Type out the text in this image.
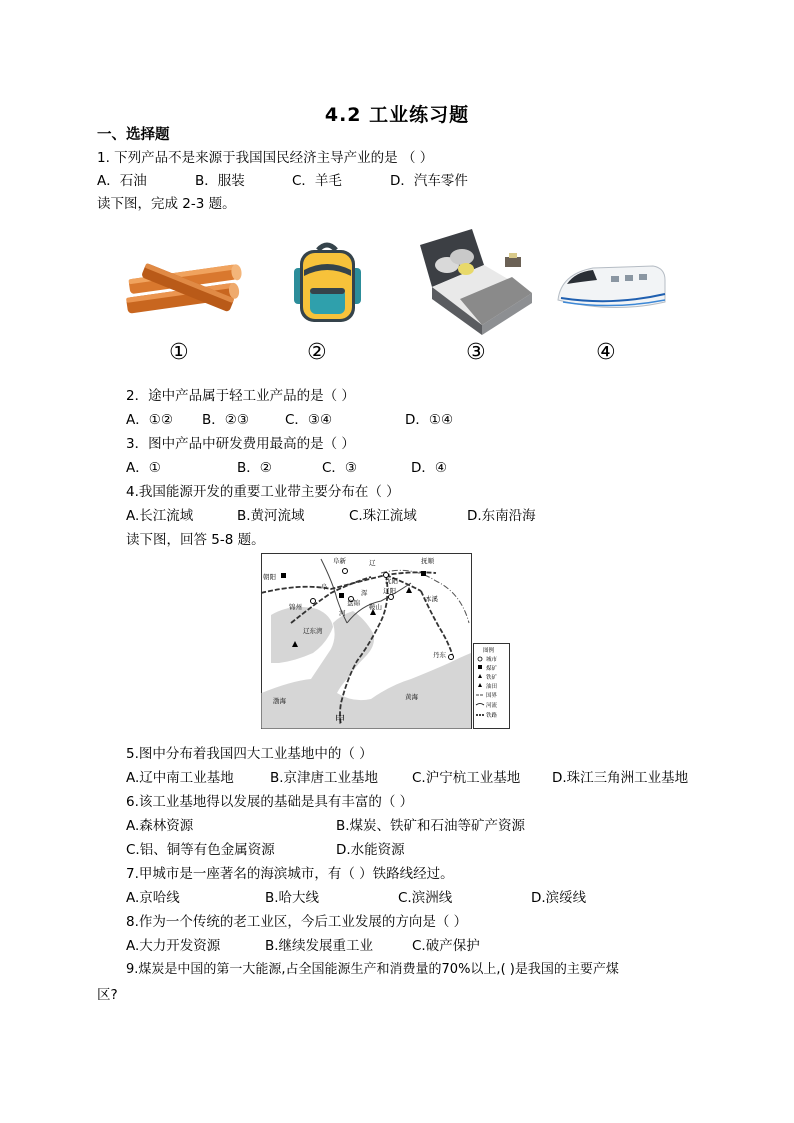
4.2 工业练习题
一、选择题
1. 下列产品不是来源于我国国民经济主导产业的是 （ ）
A．石油	B．服装	C．羊毛	D．汽车零件
读下图，完成 2-3 题。
①	②	③	④
2．途中产品属于轻工业产品的是（ ）
A．①② B．②③	C．③④	D．①④
3．图中产品中研发费用最高的是（ ）
A．①	B．②	C．③	D．④
4.我国能源开发的重要工业带主要分布在（ ）
A.长江流域	B.黄河流域	C.珠江流域	D.东南沿海
读下图，回答 5-8 题。
阜新	抚顺
朝阳	沈阳
锦州	盘锦
辽阳
本溪
鞍山
丹东
甲
辽
阜
辽东湾
渤海	黄海
河
浑
图例
城市
煤矿
铁矿
油田
国界
河流
铁路
5.图中分布着我国四大工业基地中的（ ）
A.辽中南工业基地	B.京津唐工业基地	C.沪宁杭工业基地 D.珠江三角洲工业基地
6.该工业基地得以发展的基础是具有丰富的（ ）
A.森林资源	B.煤炭、铁矿和石油等矿产资源
C.铝、铜等有色金属资源	D.水能资源
7.甲城市是一座著名的海滨城市，有（ ）铁路线经过。
A.京哈线	B.哈大线	C.滨洲线	D.滨绥线
8.作为一个传统的老工业区，今后工业发展的方向是（ ）
A.大力开发资源	B.继续发展重工业	C.破产保护
9.煤炭是中国的第一大能源,占全国能源生产和消费量的70%以上,( )是我国的主要产煤
区?
